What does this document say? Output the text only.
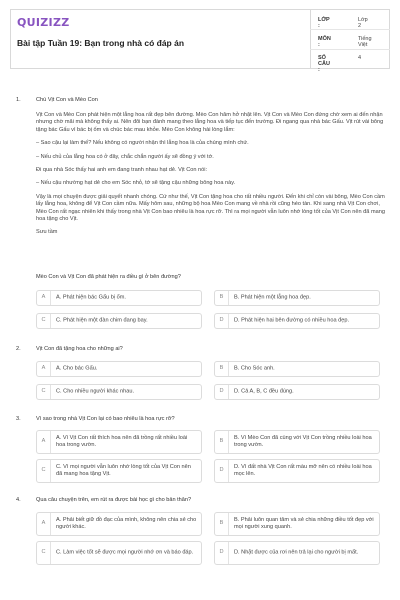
QUIZIZZ
Bài tập Tuần 19: Bạn trong nhà có đáp án
LỚP :
Lớp 2
MÔN :
Tiếng Việt
SỐ CÂU :
4
1.	Chú Vịt Con và Mèo Con

Vịt Con và Mèo Con phát hiện một lẵng hoa rất đẹp bên đường. Mèo Con hăm hở nhặt lên. Vịt Con và Mèo Con đứng chờ xem ai đến nhận nhưng chờ mãi mà không thấy ai. Nên đôi bạn đành mang theo lẵng hoa và tiếp tục đến trường. Đi ngang qua nhà bác Gấu. Vịt rút vài bông tặng bác Gấu vì bác bị ốm và chúc bác mau khỏe. Mèo Con không hài lòng lắm:

– Sao cậu lại làm thế? Nếu không có người nhận thì lẵng hoa là của chúng mình chứ.

– Nếu chủ của lẵng hoa có ở đây, chắc chắn người ấy sẽ đồng ý với tớ.

Đi qua nhà Sóc thấy hai anh em đang tranh nhau hạt dẻ. Vịt Con nói:

– Nếu cậu nhường hạt dẻ cho em Sóc nhỏ, tớ sẽ tặng cậu những bông hoa này.

Vậy là mọi chuyện được giải quyết nhanh chóng. Cứ như thế, Vịt Con tặng hoa cho rất nhiều người. Đến khi chỉ còn vài bông, Mèo Con cầm lấy lẵng hoa, không để Vịt Con cầm nữa. Mấy hôm sau, những bộ hoa Mèo Con mang về nhà rồi cũng héo tàn. Khi sang nhà Vịt Con chơi, Mèo Con rất ngạc nhiên khi thấy trong nhà Vịt Con bao nhiêu là hoa rực rỡ. Thì ra mọi người vẫn luôn nhớ lòng tốt của Vịt Con nên đã mang hoa tặng cho Vịt.

Sưu tầm

Mèo Con và Vịt Con đã phát hiện ra điều gì ở bên đường?
A	A. Phát hiện bác Gấu bị ốm.	B	B. Phát hiện một lẵng hoa đẹp.
C	C. Phát hiện một đàn chim đang bay.	D	D. Phát hiện hai bên đường có nhiều hoa đẹp.
2.	Vịt Con đã tặng hoa cho những ai?
A	A. Cho bác Gấu.	B	B. Cho Sóc anh.
C	C. Cho nhiều người khác nhau.	D	D. Cả A, B, C đều đúng.
3.	Vì sao trong nhà Vịt Con lại có bao nhiêu là hoa rực rỡ?
A
A. Vì Vịt Con rất thích hoa nên đã trồng rất nhiều loài hoa trong vườn.
B
B. Vì Mèo Con đã cùng với Vịt Con trồng nhiều loài hoa trong vườn.
C
C. Vì mọi người vẫn luôn nhớ lòng tốt của Vịt Con nên đã mang hoa tặng Vịt.
D
D. Vì đất nhà Vịt Con rất màu mỡ nên có nhiều loài hoa mọc lên.
4.	Qua câu chuyện trên, em rút ra được bài học gì cho bản thân?
A
A. Phải biết giữ đồ đạc của mình, không nên chia sẻ cho người khác.
B
B. Phải luôn quan tâm và sẻ chia những điều tốt đẹp với mọi người xung quanh.
C	C. Làm việc tốt sẽ được mọi người nhớ ơn và báo đáp.	D	D. Nhặt được của rơi nên trả lại cho người bị mất.
